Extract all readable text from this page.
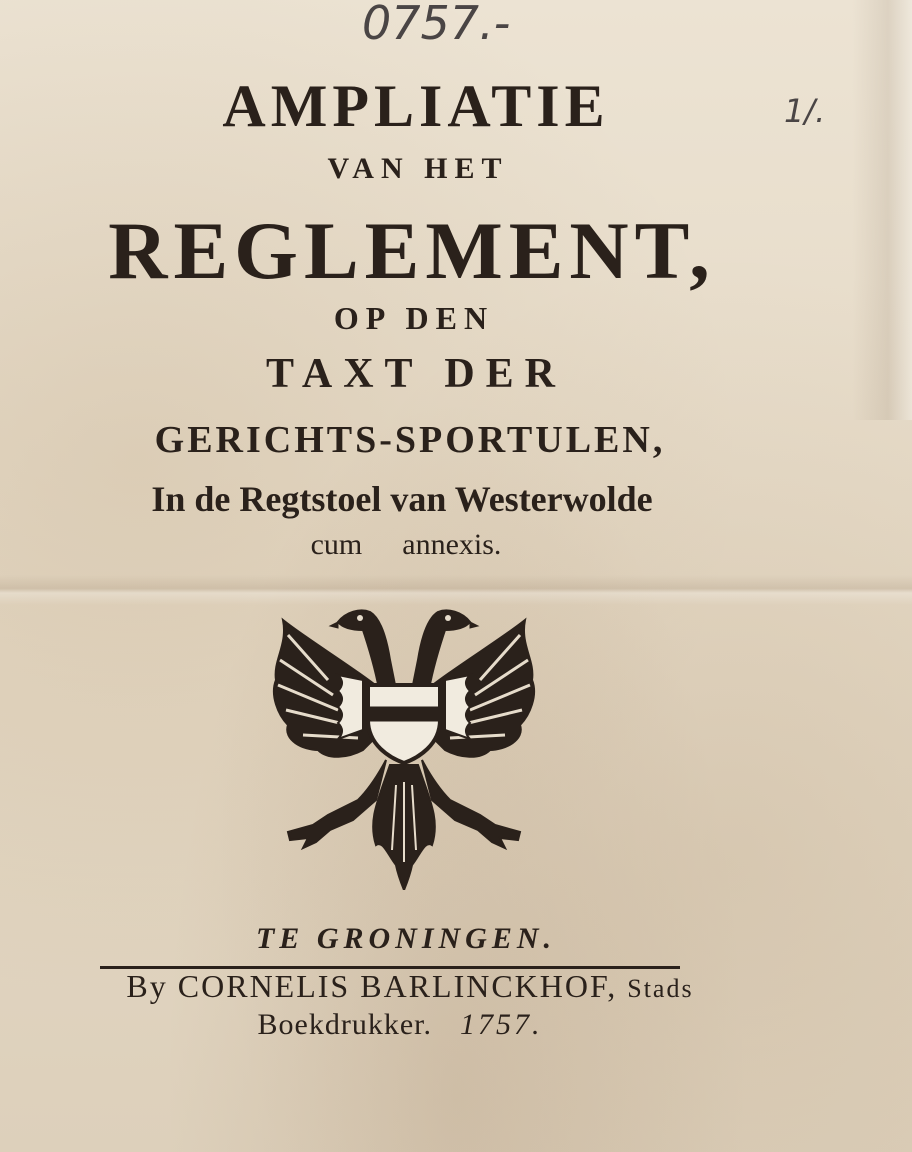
0757.-
1/.
AMPLIATIE
VAN HET
REGLEMENT,
OP DEN
TAXT DER
GERICHTS-SPORTULEN,
In de Regtstoel van Westerwolde
cum annexis.
TE GRONINGEN.
By CORNELIS BARLINCKHOF, Stads
Boekdrukker. 1757.
